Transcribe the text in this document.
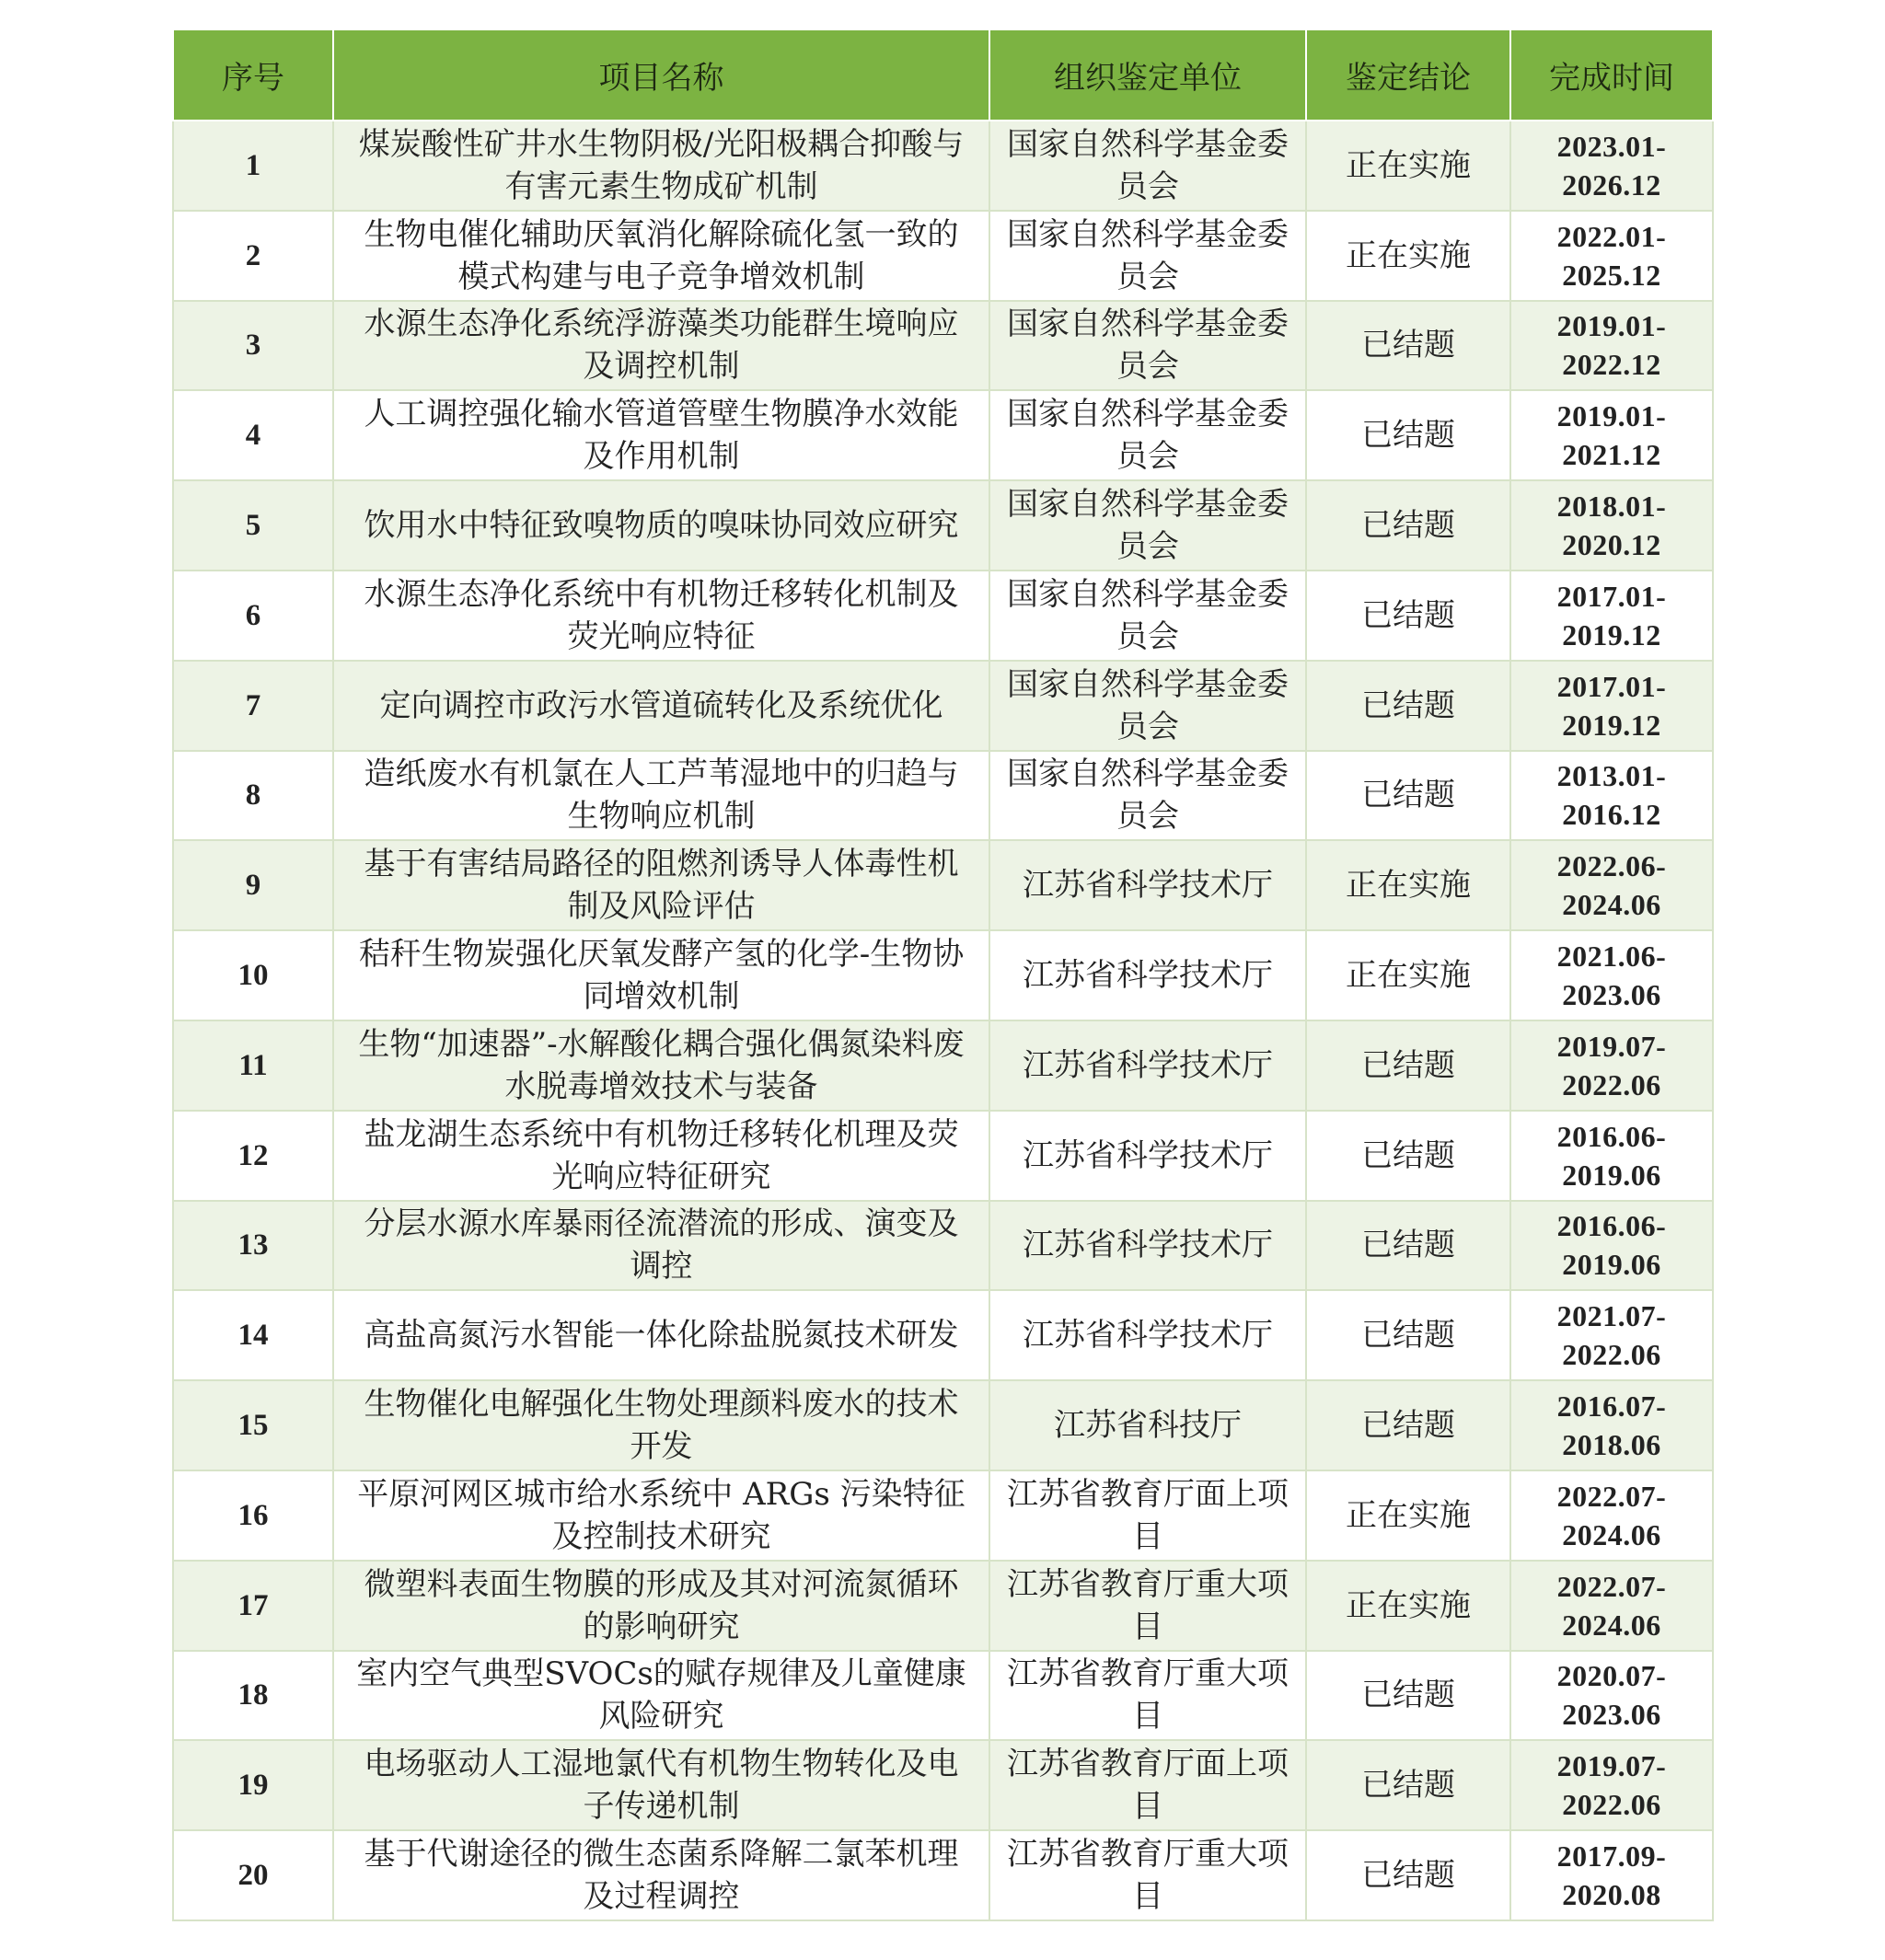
序号	项目名称	组织鉴定单位	鉴定结论	完成时间
1	煤炭酸性矿井水生物阴极/光阳极耦合抑酸与有害元素生物成矿机制	国家自然科学基金委员会	正在实施	2023.01-
2026.12

2	生物电催化辅助厌氧消化解除硫化氢一致的模式构建与电子竞争增效机制	国家自然科学基金委员会	正在实施	2022.01-
2025.12

3	水源生态净化系统浮游藻类功能群生境响应及调控机制	国家自然科学基金委员会	已结题	2019.01-
2022.12

4	人工调控强化输水管道管壁生物膜净水效能及作用机制	国家自然科学基金委员会	已结题	2019.01-
2021.12

5	饮用水中特征致嗅物质的嗅味协同效应研究	国家自然科学基金委员会	已结题	2018.01-
2020.12

6	水源生态净化系统中有机物迁移转化机制及荧光响应特征	国家自然科学基金委员会	已结题	2017.01-
2019.12

7	定向调控市政污水管道硫转化及系统优化	国家自然科学基金委员会	已结题	2017.01-
2019.12

8	造纸废水有机氯在人工芦苇湿地中的归趋与生物响应机制	国家自然科学基金委员会	已结题	2013.01-
2016.12

9	基于有害结局路径的阻燃剂诱导人体毒性机制及风险评估	江苏省科学技术厅	正在实施	2022.06-
2024.06

10	秸秆生物炭强化厌氧发酵产氢的化学-生物协同增效机制	江苏省科学技术厅	正在实施	2021.06-
2023.06

11	生物“加速器”-水解酸化耦合强化偶氮染料废水脱毒增效技术与装备	江苏省科学技术厅	已结题	2019.07-
2022.06

12	盐龙湖生态系统中有机物迁移转化机理及荧光响应特征研究	江苏省科学技术厅	已结题	2016.06-
2019.06

13	分层水源水库暴雨径流潜流的形成、演变及调控	江苏省科学技术厅	已结题	2016.06-
2019.06

14	高盐高氮污水智能一体化除盐脱氮技术研发	江苏省科学技术厅	已结题	2021.07-
2022.06

15	生物催化电解强化生物处理颜料废水的技术开发	江苏省科技厅	已结题	2016.07-
2018.06

16	平原河网区城市给水系统中 ARGs 污染特征及控制技术研究	江苏省教育厅面上项目	正在实施	2022.07-
2024.06

17	微塑料表面生物膜的形成及其对河流氮循环的影响研究	江苏省教育厅重大项目	正在实施	2022.07-
2024.06

18	室内空气典型SVOCs的赋存规律及儿童健康风险研究	江苏省教育厅重大项目	已结题	2020.07-
2023.06

19	电场驱动人工湿地氯代有机物生物转化及电子传递机制	江苏省教育厅面上项目	已结题	2019.07-
2022.06

20	基于代谢途径的微生态菌系降解二氯苯机理及过程调控	江苏省教育厅重大项目	已结题	2017.09-
2020.08
